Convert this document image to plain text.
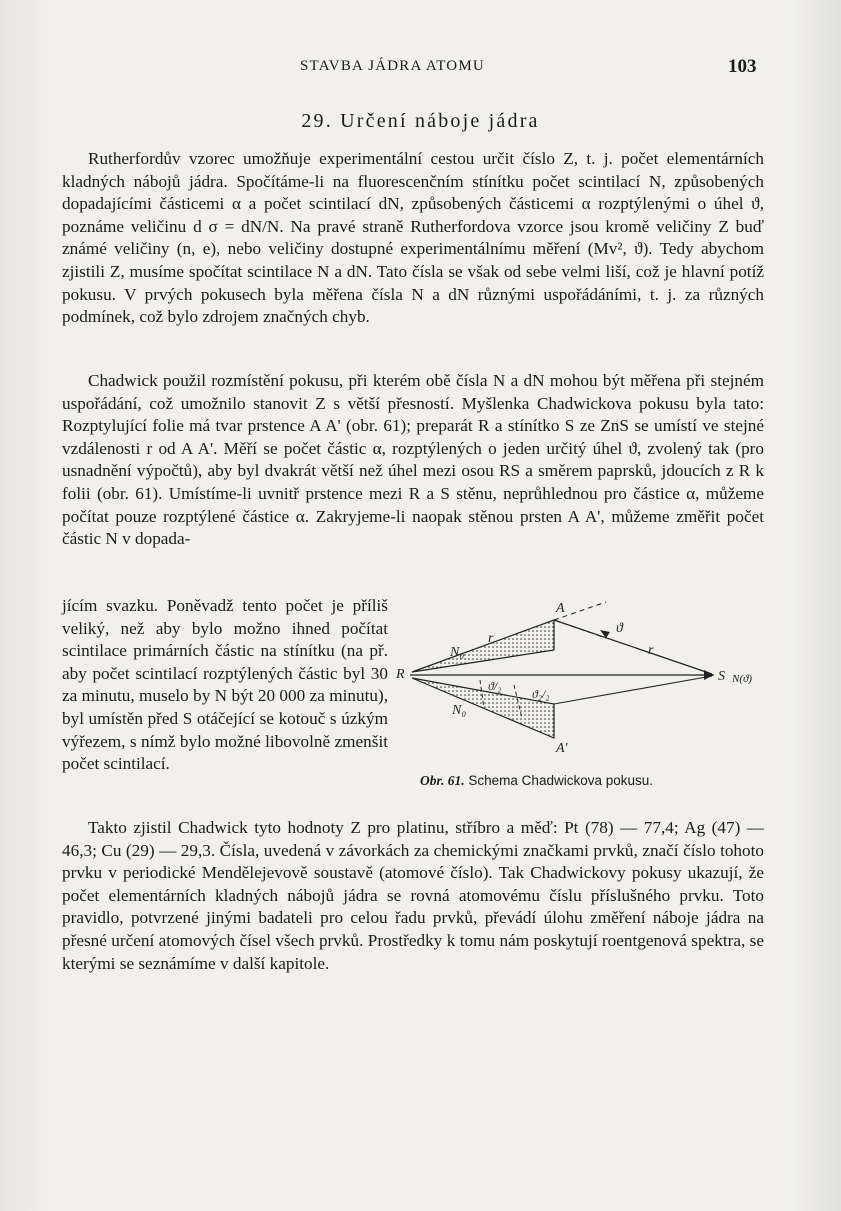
STAVBA JÁDRA ATOMU	103
29. Určení náboje jádra

Rutherfordův vzorec umožňuje experimentální cestou určit číslo Z, t. j. počet elementárních kladných nábojů jádra. Spočítáme-li na fluorescenčním stínítku počet scintilací N, způsobených dopadajícími částicemi α a počet scintilací dN, způsobených částicemi α rozptýlenými o úhel ϑ, poznáme veličinu d σ = dN/N. Na pravé straně Rutherfordova vzorce jsou kromě veličiny Z buď známé veličiny (n, e), nebo veličiny dostupné experimentálnímu měření (Mv², ϑ). Tedy abychom zjistili Z, musíme spočítat scintilace N a dN. Tato čísla se však od sebe velmi liší, což je hlavní potíž pokusu. V prvých pokusech byla měřena čísla N a dN různými uspořádáními, t. j. za různých podmínek, což bylo zdrojem značných chyb.

Chadwick použil rozmístění pokusu, při kterém obě čísla N a dN mohou být měřena při stejném uspořádání, což umožnilo stanovit Z s větší přesností. Myšlenka Chadwickova pokusu byla tato: Rozptylující folie má tvar prstence A A' (obr. 61); preparát R a stínítko S ze ZnS se umístí ve stejné vzdálenosti r od A A'. Měří se počet částic α, rozptýlených o jeden určitý úhel ϑ, zvolený tak (pro usnadnění výpočtů), aby byl dvakrát větší než úhel mezi osou RS a směrem paprsků, jdoucích z R k folii (obr. 61). Umístíme-li uvnitř prstence mezi R a S stěnu, neprůhlednou pro částice α, můžeme počítat pouze rozptýlené částice α. Zakryjeme-li naopak stěnou prsten A A', můžeme změřit počet částic N v dopada-

jícím svazku. Poněvadž tento počet je příliš veliký, než aby bylo možno ihned počítat scintilace primárních částic na stínítku (na př. aby počet scintilací rozptýlených částic byl 30 za minutu, muselo by N být 20 000 za minutu), byl umístěn před S otáčející se kotouč s úzkým výřezem, s nímž bylo možné libovolně zmenšit počet scintilací.

A
A'
R	S N(ϑ)
N₀
N₀
r
r
ϑ
ϑ/₂
ϑ₂/₂
Obr. 61. Schema Chadwickova pokusu.

Takto zjistil Chadwick tyto hodnoty Z pro platinu, stříbro a měď: Pt (78) — 77,4; Ag (47) — 46,3; Cu (29) — 29,3. Čísla, uvedená v závorkách za chemickými značkami prvků, značí číslo tohoto prvku v periodické Mendělejevově soustavě (atomové číslo). Tak Chadwickovy pokusy ukazují, že počet elementárních kladných nábojů jádra se rovná atomovému číslu příslušného prvku. Toto pravidlo, potvrzené jinými badateli pro celou řadu prvků, převádí úlohu změření náboje jádra na přesné určení atomových čísel všech prvků. Prostředky k tomu nám poskytují roentgenová spektra, se kterými se seznámíme v další kapitole.
